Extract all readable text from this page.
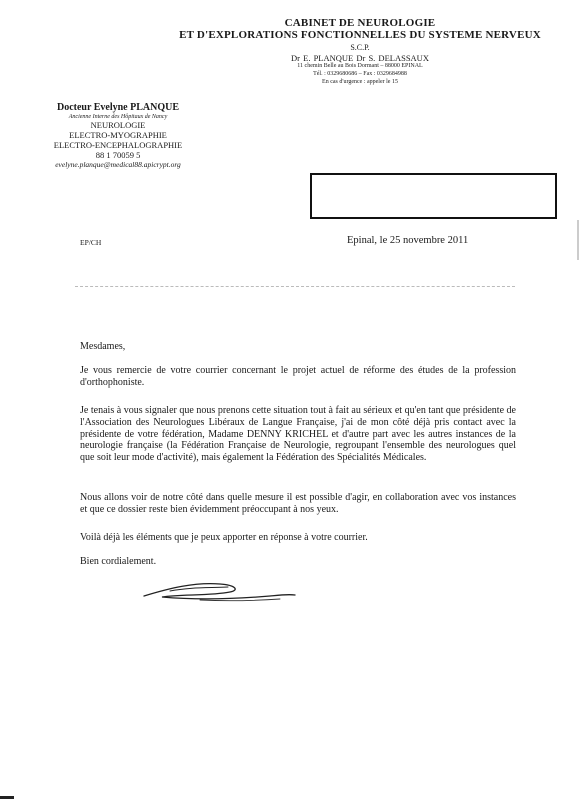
CABINET DE NEUROLOGIE
ET D'EXPLORATIONS FONCTIONNELLES DU SYSTEME NERVEUX
S.C.P.
Dr E. PLANQUE Dr S. DELASSAUX
11 chemin Belle au Bois Dormant – 88000 EPINAL
Tél. : 0329680686 – Fax : 0329684988
En cas d'urgence : appeler le 15
Docteur Evelyne PLANQUE
Ancienne Interne des Hôpitaux de Nancy
NEUROLOGIE
ELECTRO-MYOGRAPHIE
ELECTRO-ENCEPHALOGRAPHIE
88 1 70059 5
evelyne.planque@medical88.apicrypt.org
EP/CH	Epinal, le 25 novembre 2011
Mesdames,
Je vous remercie de votre courrier concernant le projet actuel de réforme des études de la profession d'orthophoniste.
Je tenais à vous signaler que nous prenons cette situation tout à fait au sérieux et qu'en tant que présidente de l'Association des Neurologues Libéraux de Langue Française, j'ai de mon côté déjà pris contact avec la présidente de votre fédération, Madame DENNY KRICHEL et d'autre part avec les autres instances de la neurologie française (la Fédération Française de Neurologie, regroupant l'ensemble des neurologues quel que soit leur mode d'activité), mais également la Fédération des Spécialités Médicales.
Nous allons voir de notre côté dans quelle mesure il est possible d'agir, en collaboration avec vos instances et que ce dossier reste bien évidemment préoccupant à nos yeux.
Voilà déjà les éléments que je peux apporter en réponse à votre courrier.
Bien cordialement.
